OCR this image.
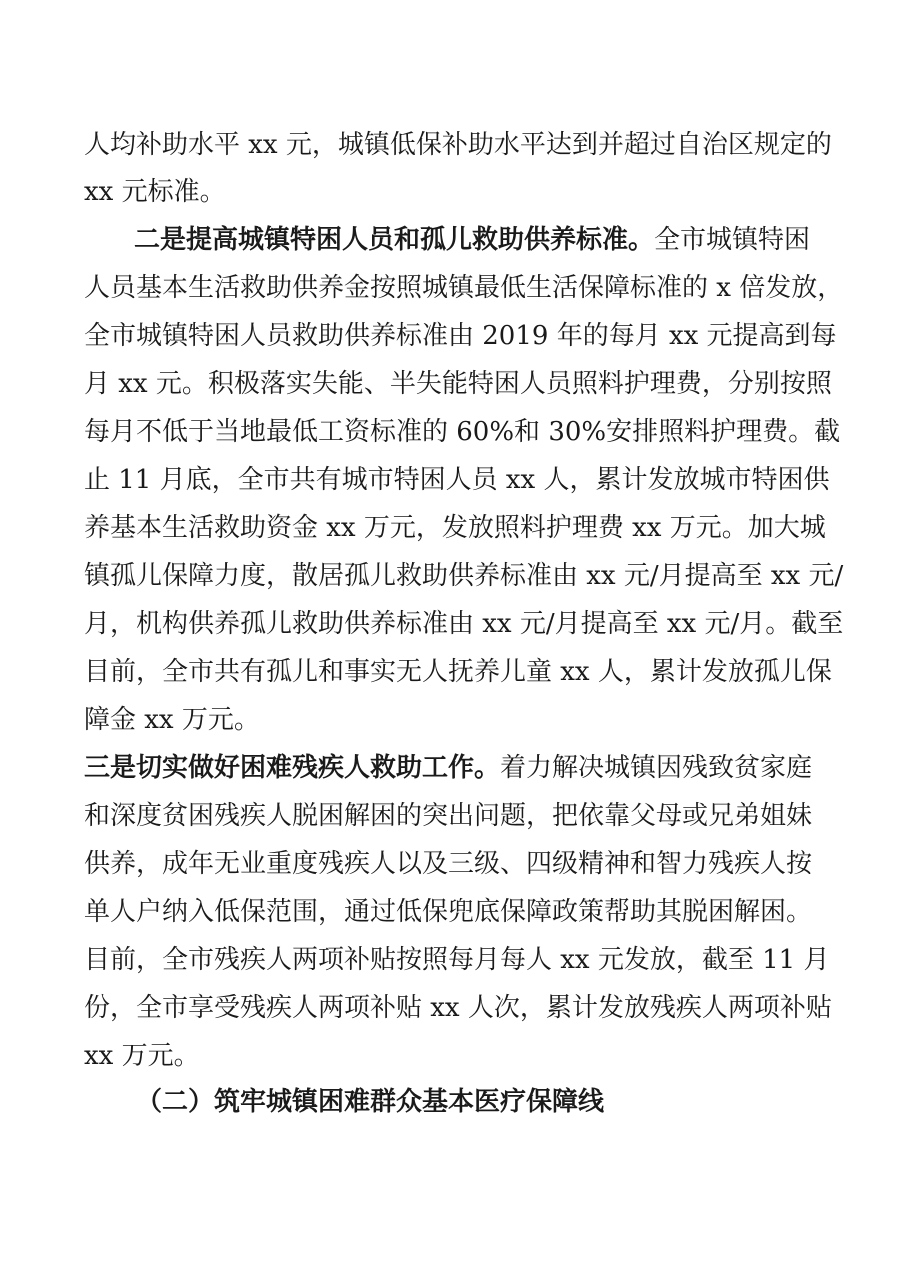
人均补助水平 xx 元，城镇低保补助水平达到并超过自治区规定的
xx 元标准。
二是提高城镇特困人员和孤儿救助供养标准。全市城镇特困
人员基本生活救助供养金按照城镇最低生活保障标准的 x 倍发放，
全市城镇特困人员救助供养标准由 2019 年的每月 xx 元提高到每
月 xx 元。积极落实失能、半失能特困人员照料护理费，分别按照
每月不低于当地最低工资标准的 60%和 30%安排照料护理费。截
止 11 月底，全市共有城市特困人员 xx 人，累计发放城市特困供
养基本生活救助资金 xx 万元，发放照料护理费 xx 万元。加大城
镇孤儿保障力度，散居孤儿救助供养标准由 xx 元/月提高至 xx 元/
月，机构供养孤儿救助供养标准由 xx 元/月提高至 xx 元/月。截至
目前，全市共有孤儿和事实无人抚养儿童 xx 人，累计发放孤儿保
障金 xx 万元。
三是切实做好困难残疾人救助工作。着力解决城镇因残致贫家庭
和深度贫困残疾人脱困解困的突出问题，把依靠父母或兄弟姐妹
供养，成年无业重度残疾人以及三级、四级精神和智力残疾人按
单人户纳入低保范围，通过低保兜底保障政策帮助其脱困解困。
目前，全市残疾人两项补贴按照每月每人 xx 元发放，截至 11 月
份，全市享受残疾人两项补贴 xx 人次，累计发放残疾人两项补贴
xx 万元。
（二）筑牢城镇困难群众基本医疗保障线
